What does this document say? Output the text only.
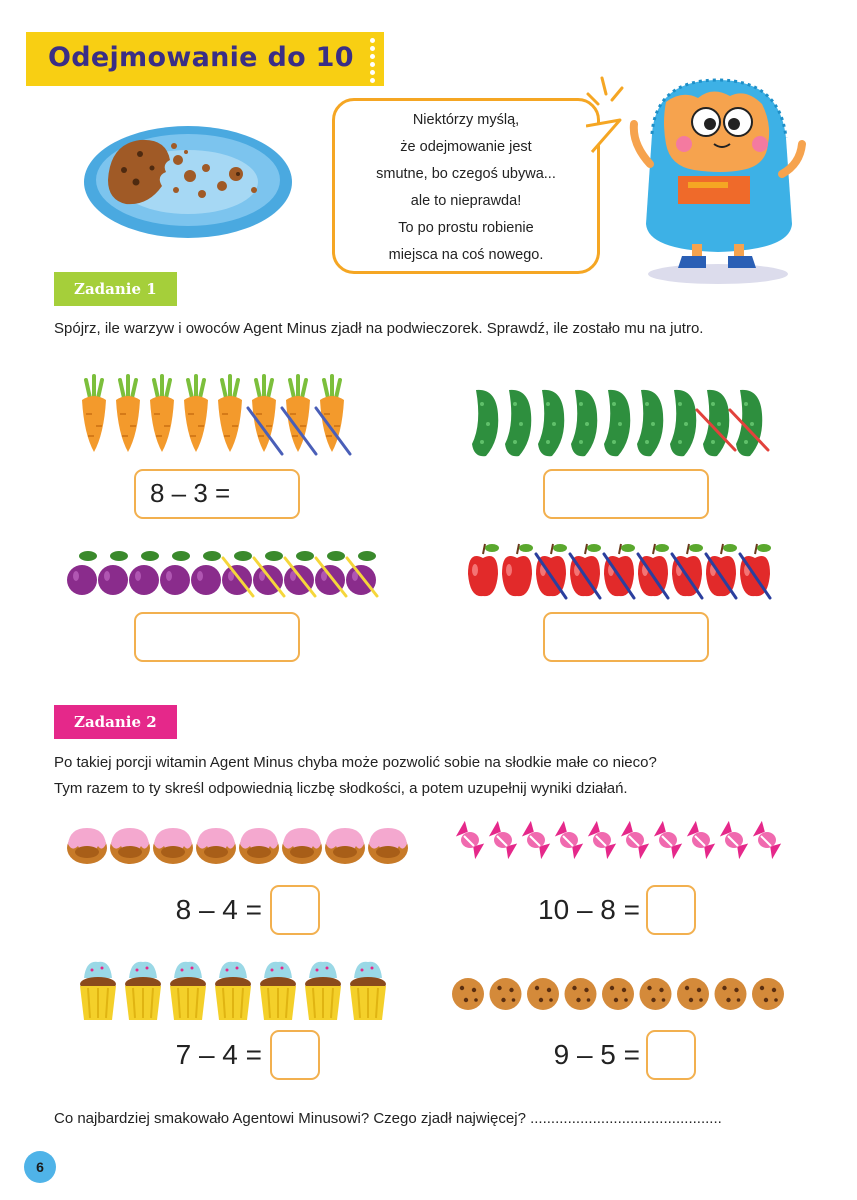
Odejmowanie do 10
Niektórzy myślą,
że odejmowanie jest
smutne, bo czegoś ubywa...
ale to nieprawda!
To po prostu robienie
miejsca na coś nowego.
Zadanie 1
Spójrz, ile warzyw i owoców Agent Minus zjadł na podwieczorek. Sprawdź, ile zostało mu na jutro.
8 – 3 =
Zadanie 2
Po takiej porcji witamin Agent Minus chyba może pozwolić sobie na słodkie małe co nieco?
Tym razem to ty skreśl odpowiednią liczbę słodkości, a potem uzupełnij wyniki działań.
8 – 4 =	10 – 8 =
7 – 4 =	9 – 5 =
Co najbardziej smakowało Agentowi Minusowi? Czego zjadł najwięcej? ..............................................
6
